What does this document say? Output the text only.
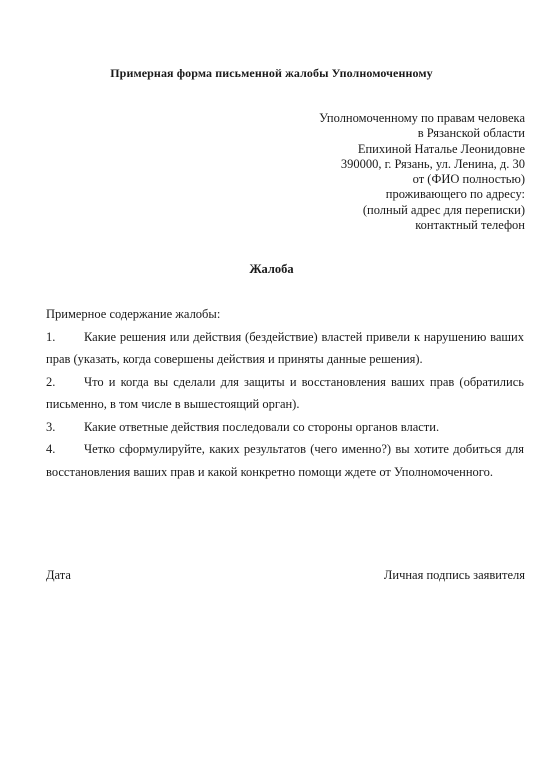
Примерная форма письменной жалобы Уполномоченному
Уполномоченному по правам человека
в Рязанской области
Епихиной Наталье Леонидовне
390000, г. Рязань, ул. Ленина, д. 30
от (ФИО полностью)
проживающего по адресу:
(полный адрес для переписки)
контактный телефон
Жалоба

Примерное содержание жалобы:

1. Какие решения или действия (бездействие) властей привели к нарушению ваших прав (указать, когда совершены действия и приняты данные решения).

2. Что и когда вы сделали для защиты и восстановления ваших прав (обратились письменно, в том числе в вышестоящий орган).

3. Какие ответные действия последовали со стороны органов власти.

4. Четко сформулируйте, каких результатов (чего именно?) вы хотите добиться для восстановления ваших прав и какой конкретно помощи ждете от Уполномоченного.

Дата	Личная подпись заявителя
